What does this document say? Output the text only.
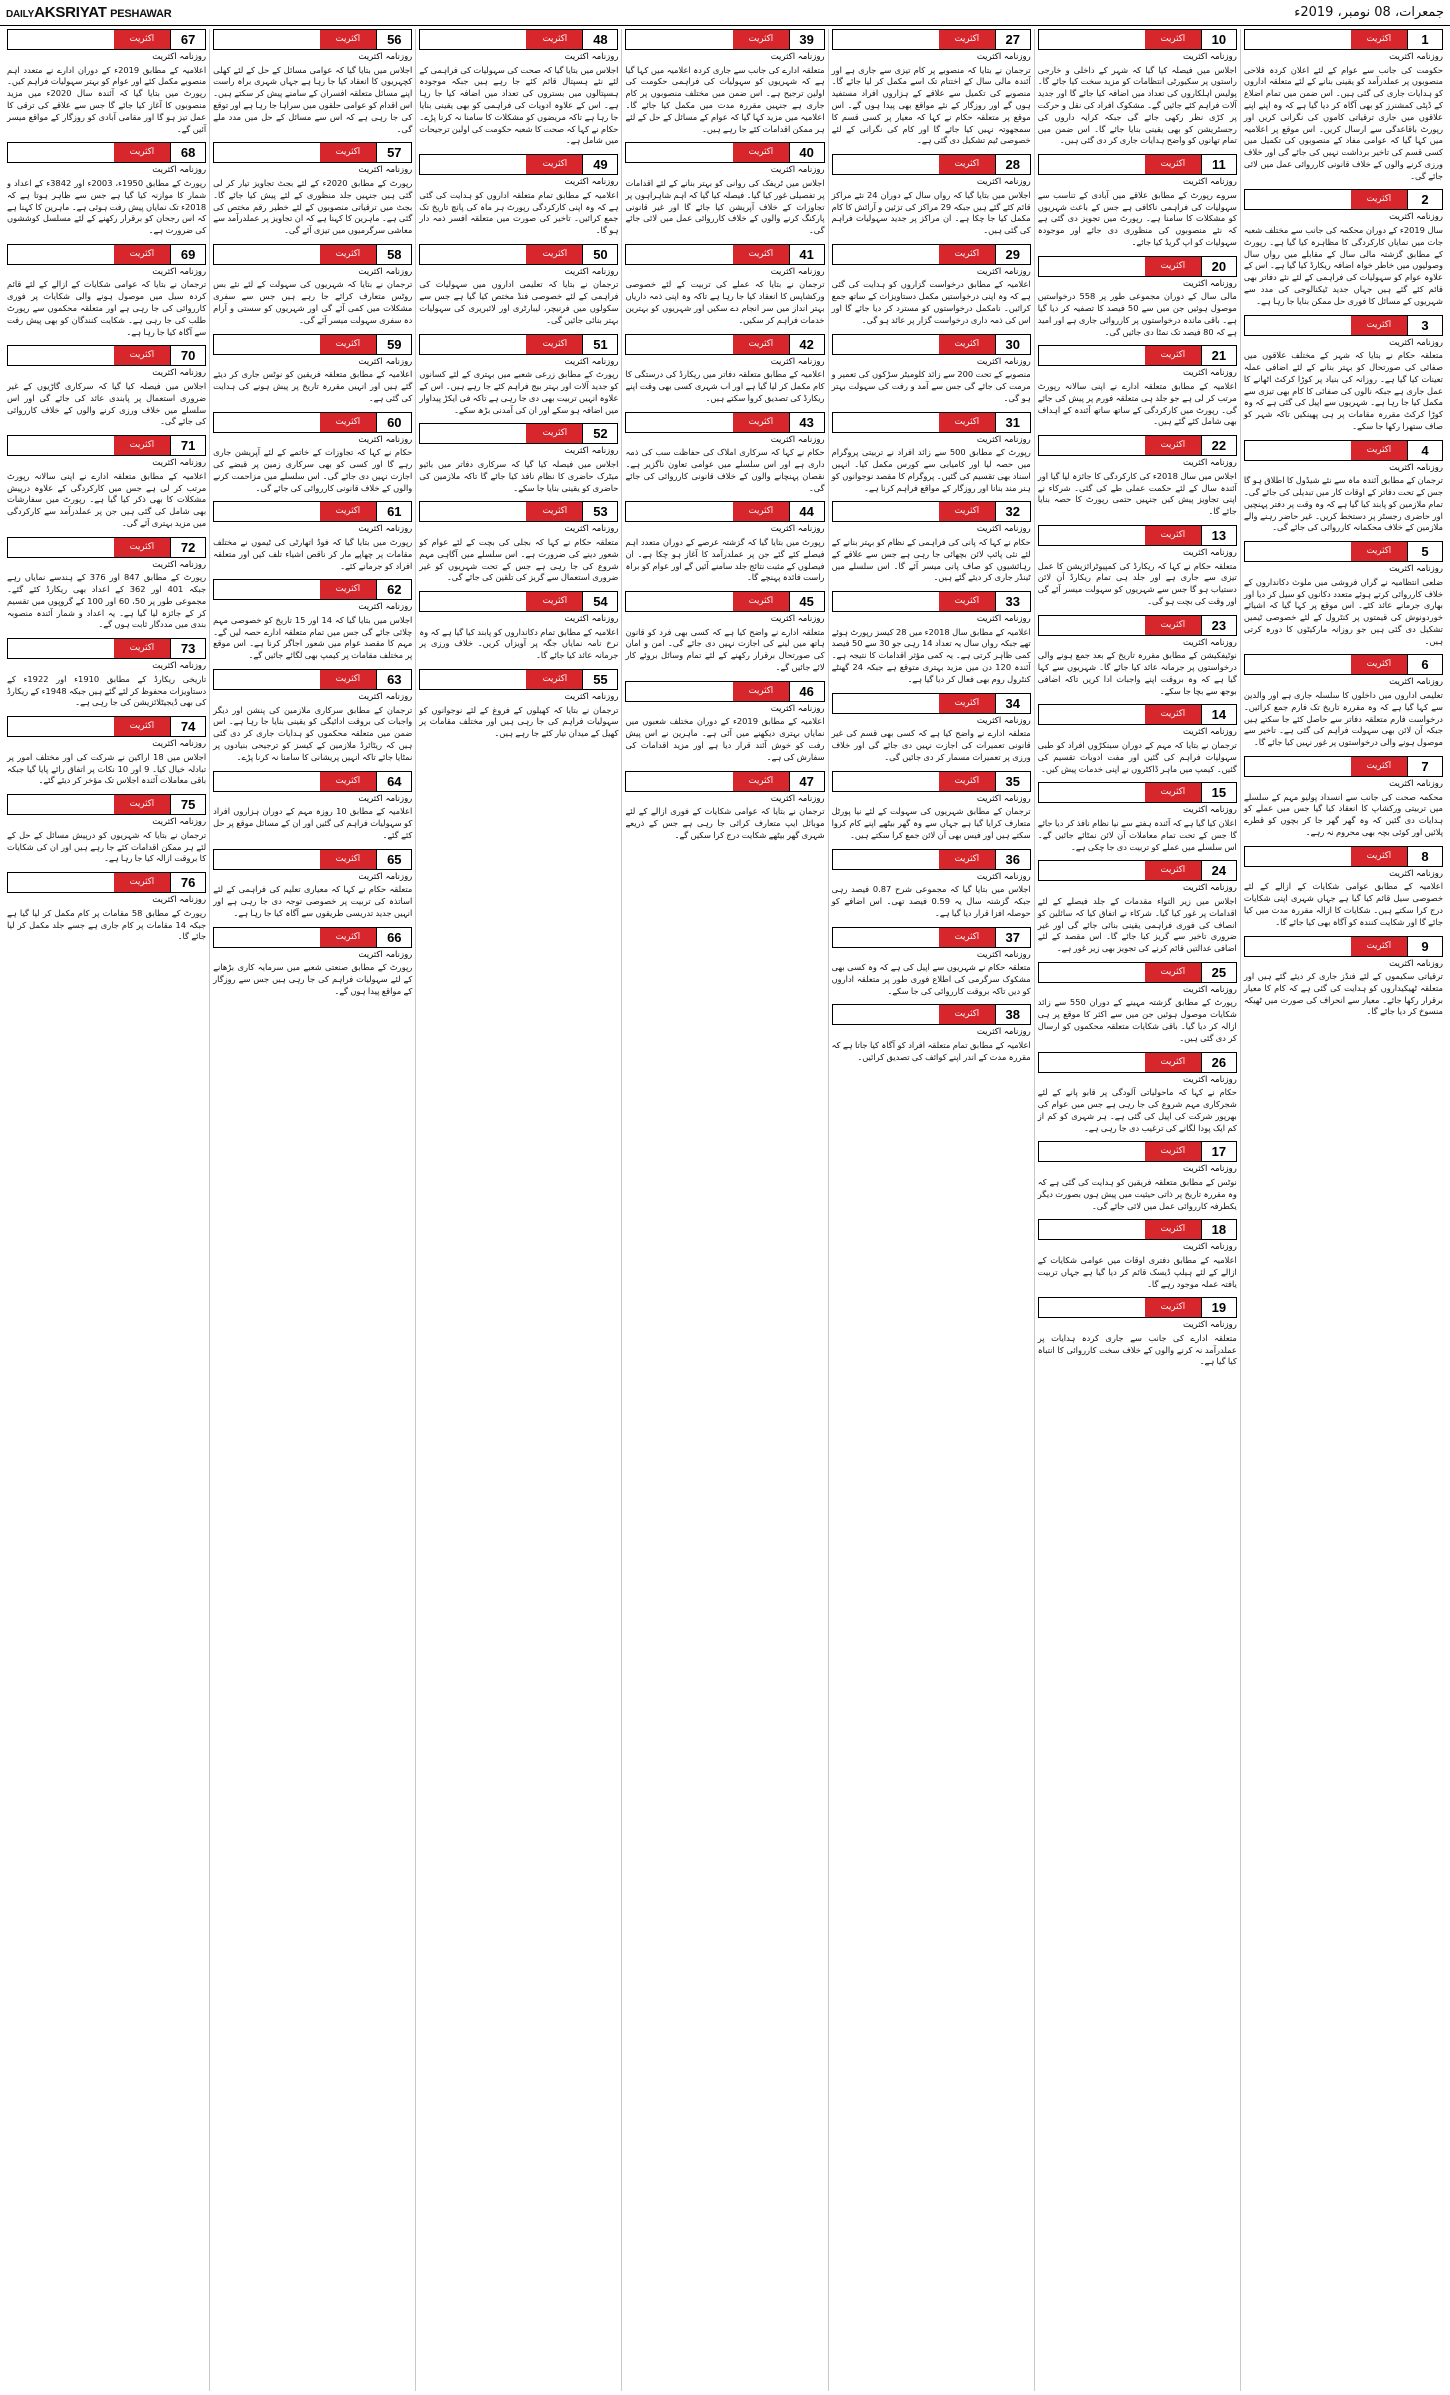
DAILYAKSRIYAT PESHAWAR	جمعرات، 08 نومبر، 2019ء
1
اکثریت
روزنامہ اکثریت
حکومت کی جانب سے عوام کے لئے اعلان کردہ فلاحی منصوبوں پر عملدرآمد کو یقینی بنانے کے لئے متعلقہ اداروں کو ہدایات جاری کی گئی ہیں۔ اس ضمن میں تمام اضلاع کے ڈپٹی کمشنرز کو بھی آگاہ کر دیا گیا ہے کہ وہ اپنے اپنے علاقوں میں جاری ترقیاتی کاموں کی نگرانی کریں اور رپورٹ باقاعدگی سے ارسال کریں۔ اس موقع پر اعلامیہ میں کہا گیا کہ عوامی مفاد کے منصوبوں کی تکمیل میں کسی قسم کی تاخیر برداشت نہیں کی جائے گی اور خلاف ورزی کرنے والوں کے خلاف قانونی کارروائی عمل میں لائی جائے گی۔
2
اکثریت
روزنامہ اکثریت
سال 2019ء کے دوران محکمہ کی جانب سے مختلف شعبہ جات میں نمایاں کارکردگی کا مظاہرہ کیا گیا ہے۔ رپورٹ کے مطابق گزشتہ مالی سال کے مقابلے میں رواں سال وصولیوں میں خاطر خواہ اضافہ ریکارڈ کیا گیا ہے۔ اس کے علاوہ عوام کو سہولیات کی فراہمی کے لئے نئے دفاتر بھی قائم کئے گئے ہیں جہاں جدید ٹیکنالوجی کی مدد سے شہریوں کے مسائل کا فوری حل ممکن بنایا جا رہا ہے۔
3
اکثریت
روزنامہ اکثریت
متعلقہ حکام نے بتایا کہ شہر کے مختلف علاقوں میں صفائی کی صورتحال کو بہتر بنانے کے لئے اضافی عملہ تعینات کیا گیا ہے۔ روزانہ کی بنیاد پر کوڑا کرکٹ اٹھانے کا عمل جاری ہے جبکہ نالوں کی صفائی کا کام بھی تیزی سے مکمل کیا جا رہا ہے۔ شہریوں سے اپیل کی گئی ہے کہ وہ کوڑا کرکٹ مقررہ مقامات پر ہی پھینکیں تاکہ شہر کو صاف ستھرا رکھا جا سکے۔
4
اکثریت
روزنامہ اکثریت
ترجمان کے مطابق آئندہ ماہ سے نئے شیڈول کا اطلاق ہو گا جس کے تحت دفاتر کے اوقات کار میں تبدیلی کی جائے گی۔ تمام ملازمین کو پابند کیا گیا ہے کہ وہ وقت پر دفتر پہنچیں اور حاضری رجسٹر پر دستخط کریں۔ غیر حاضر رہنے والے ملازمین کے خلاف محکمانہ کارروائی کی جائے گی۔
5
اکثریت
روزنامہ اکثریت
ضلعی انتظامیہ نے گراں فروشی میں ملوث دکانداروں کے خلاف کارروائی کرتے ہوئے متعدد دکانوں کو سیل کر دیا اور بھاری جرمانے عائد کئے۔ اس موقع پر کہا گیا کہ اشیائے خوردونوش کی قیمتوں پر کنٹرول کے لئے خصوصی ٹیمیں تشکیل دی گئی ہیں جو روزانہ مارکیٹوں کا دورہ کرتی ہیں۔
6
اکثریت
روزنامہ اکثریت
تعلیمی اداروں میں داخلوں کا سلسلہ جاری ہے اور والدین سے کہا گیا ہے کہ وہ مقررہ تاریخ تک فارم جمع کرائیں۔ درخواست فارم متعلقہ دفاتر سے حاصل کئے جا سکتے ہیں جبکہ آن لائن بھی سہولت فراہم کی گئی ہے۔ تاخیر سے موصول ہونے والی درخواستوں پر غور نہیں کیا جائے گا۔
7
اکثریت
روزنامہ اکثریت
محکمہ صحت کی جانب سے انسداد پولیو مہم کے سلسلے میں تربیتی ورکشاپ کا انعقاد کیا گیا جس میں عملے کو ہدایات دی گئیں کہ وہ گھر گھر جا کر بچوں کو قطرے پلائیں اور کوئی بچہ بھی محروم نہ رہے۔
8
اکثریت
روزنامہ اکثریت
اعلامیہ کے مطابق عوامی شکایات کے ازالے کے لئے خصوصی سیل قائم کیا گیا ہے جہاں شہری اپنی شکایات درج کرا سکتے ہیں۔ شکایات کا ازالہ مقررہ مدت میں کیا جائے گا اور شکایت کنندہ کو آگاہ بھی کیا جائے گا۔
9
اکثریت
روزنامہ اکثریت
ترقیاتی سکیموں کے لئے فنڈز جاری کر دیئے گئے ہیں اور متعلقہ ٹھیکیداروں کو ہدایت کی گئی ہے کہ کام کا معیار برقرار رکھا جائے۔ معیار سے انحراف کی صورت میں ٹھیکہ منسوخ کر دیا جائے گا۔
10
اکثریت
روزنامہ اکثریت
اجلاس میں فیصلہ کیا گیا کہ شہر کے داخلی و خارجی راستوں پر سکیورٹی انتظامات کو مزید سخت کیا جائے گا۔ پولیس اہلکاروں کی تعداد میں اضافہ کیا جائے گا اور جدید آلات فراہم کئے جائیں گے۔ مشکوک افراد کی نقل و حرکت پر کڑی نظر رکھی جائے گی جبکہ کرایہ داروں کی رجسٹریشن کو بھی یقینی بنایا جائے گا۔ اس ضمن میں تمام تھانوں کو واضح ہدایات جاری کر دی گئی ہیں۔
11
اکثریت
روزنامہ اکثریت
سروے رپورٹ کے مطابق علاقے میں آبادی کے تناسب سے سہولیات کی فراہمی ناکافی ہے جس کے باعث شہریوں کو مشکلات کا سامنا ہے۔ رپورٹ میں تجویز دی گئی ہے کہ نئے منصوبوں کی منظوری دی جائے اور موجودہ سہولیات کو اپ گریڈ کیا جائے۔
20
اکثریت
روزنامہ اکثریت
مالی سال کے دوران مجموعی طور پر 558 درخواستیں موصول ہوئیں جن میں سے 50 فیصد کا تصفیہ کر دیا گیا ہے۔ باقی ماندہ درخواستوں پر کارروائی جاری ہے اور امید ہے کہ 80 فیصد تک نمٹا دی جائیں گی۔
21
اکثریت
روزنامہ اکثریت
اعلامیہ کے مطابق متعلقہ ادارے نے اپنی سالانہ رپورٹ مرتب کر لی ہے جو جلد ہی متعلقہ فورم پر پیش کی جائے گی۔ رپورٹ میں کارکردگی کے ساتھ ساتھ آئندہ کے اہداف بھی شامل کئے گئے ہیں۔
22
اکثریت
روزنامہ اکثریت
اجلاس میں سال 2018ء کی کارکردگی کا جائزہ لیا گیا اور آئندہ سال کے لئے حکمت عملی طے کی گئی۔ شرکاء نے اپنی تجاویز پیش کیں جنہیں حتمی رپورٹ کا حصہ بنایا جائے گا۔
13
اکثریت
روزنامہ اکثریت
متعلقہ حکام نے کہا کہ ریکارڈ کی کمپیوٹرائزیشن کا عمل تیزی سے جاری ہے اور جلد ہی تمام ریکارڈ آن لائن دستیاب ہو گا جس سے شہریوں کو سہولت میسر آئے گی اور وقت کی بچت ہو گی۔
23
اکثریت
روزنامہ اکثریت
نوٹیفکیشن کے مطابق مقررہ تاریخ کے بعد جمع ہونے والی درخواستوں پر جرمانہ عائد کیا جائے گا۔ شہریوں سے کہا گیا ہے کہ وہ بروقت اپنے واجبات ادا کریں تاکہ اضافی بوجھ سے بچا جا سکے۔
14
اکثریت
روزنامہ اکثریت
ترجمان نے بتایا کہ مہم کے دوران سینکڑوں افراد کو طبی سہولیات فراہم کی گئیں اور مفت ادویات تقسیم کی گئیں۔ کیمپ میں ماہر ڈاکٹروں نے اپنی خدمات پیش کیں۔
15
اکثریت
روزنامہ اکثریت
اعلان کیا گیا ہے کہ آئندہ ہفتے سے نیا نظام نافذ کر دیا جائے گا جس کے تحت تمام معاملات آن لائن نمٹائے جائیں گے۔ اس سلسلے میں عملے کو تربیت دی جا چکی ہے۔
24
اکثریت
روزنامہ اکثریت
اجلاس میں زیر التواء مقدمات کے جلد فیصلے کے لئے اقدامات پر غور کیا گیا۔ شرکاء نے اتفاق کیا کہ سائلین کو انصاف کی فوری فراہمی یقینی بنائی جائے گی اور غیر ضروری تاخیر سے گریز کیا جائے گا۔ اس مقصد کے لئے اضافی عدالتیں قائم کرنے کی تجویز بھی زیر غور ہے۔
25
اکثریت
روزنامہ اکثریت
رپورٹ کے مطابق گزشتہ مہینے کے دوران 550 سے زائد شکایات موصول ہوئیں جن میں سے اکثر کا موقع پر ہی ازالہ کر دیا گیا۔ باقی شکایات متعلقہ محکموں کو ارسال کر دی گئی ہیں۔
26
اکثریت
روزنامہ اکثریت
حکام نے کہا کہ ماحولیاتی آلودگی پر قابو پانے کے لئے شجرکاری مہم شروع کی جا رہی ہے جس میں عوام کی بھرپور شرکت کی اپیل کی گئی ہے۔ ہر شہری کو کم از کم ایک پودا لگانے کی ترغیب دی جا رہی ہے۔
17
اکثریت
روزنامہ اکثریت
نوٹس کے مطابق متعلقہ فریقین کو ہدایت کی گئی ہے کہ وہ مقررہ تاریخ پر ذاتی حیثیت میں پیش ہوں بصورت دیگر یکطرفہ کارروائی عمل میں لائی جائے گی۔
18
اکثریت
روزنامہ اکثریت
اعلامیہ کے مطابق دفتری اوقات میں عوامی شکایات کے ازالے کے لئے ہیلپ ڈیسک قائم کر دیا گیا ہے جہاں تربیت یافتہ عملہ موجود رہے گا۔
19
اکثریت
روزنامہ اکثریت
متعلقہ ادارے کی جانب سے جاری کردہ ہدایات پر عملدرآمد نہ کرنے والوں کے خلاف سخت کارروائی کا انتباہ کیا گیا ہے۔
27
اکثریت
روزنامہ اکثریت
ترجمان نے بتایا کہ منصوبے پر کام تیزی سے جاری ہے اور آئندہ مالی سال کے اختتام تک اسے مکمل کر لیا جائے گا۔ منصوبے کی تکمیل سے علاقے کے ہزاروں افراد مستفید ہوں گے اور روزگار کے نئے مواقع بھی پیدا ہوں گے۔ اس موقع پر متعلقہ حکام نے کہا کہ معیار پر کسی قسم کا سمجھوتہ نہیں کیا جائے گا اور کام کی نگرانی کے لئے خصوصی ٹیم تشکیل دی گئی ہے۔
28
اکثریت
روزنامہ اکثریت
اجلاس میں بتایا گیا کہ رواں سال کے دوران 24 نئے مراکز قائم کئے گئے ہیں جبکہ 29 مراکز کی تزئین و آرائش کا کام مکمل کیا جا چکا ہے۔ ان مراکز پر جدید سہولیات فراہم کی گئی ہیں۔
29
اکثریت
روزنامہ اکثریت
اعلامیہ کے مطابق درخواست گزاروں کو ہدایت کی گئی ہے کہ وہ اپنی درخواستیں مکمل دستاویزات کے ساتھ جمع کرائیں۔ نامکمل درخواستوں کو مسترد کر دیا جائے گا اور اس کی ذمہ داری درخواست گزار پر عائد ہو گی۔
30
اکثریت
روزنامہ اکثریت
منصوبے کے تحت 200 سے زائد کلومیٹر سڑکوں کی تعمیر و مرمت کی جائے گی جس سے آمد و رفت کی سہولت بہتر ہو گی۔
31
اکثریت
روزنامہ اکثریت
رپورٹ کے مطابق 500 سے زائد افراد نے تربیتی پروگرام میں حصہ لیا اور کامیابی سے کورس مکمل کیا۔ انہیں اسناد بھی تقسیم کی گئیں۔ پروگرام کا مقصد نوجوانوں کو ہنر مند بنانا اور روزگار کے مواقع فراہم کرنا ہے۔
32
اکثریت
روزنامہ اکثریت
حکام نے کہا کہ پانی کی فراہمی کے نظام کو بہتر بنانے کے لئے نئی پائپ لائن بچھائی جا رہی ہے جس سے علاقے کے رہائشیوں کو صاف پانی میسر آئے گا۔ اس سلسلے میں ٹینڈر جاری کر دیئے گئے ہیں۔
33
اکثریت
روزنامہ اکثریت
اعلامیہ کے مطابق سال 2018ء میں 28 کیسز رپورٹ ہوئے تھے جبکہ رواں سال یہ تعداد 14 رہی جو 30 سے 50 فیصد کمی ظاہر کرتی ہے۔ یہ کمی مؤثر اقدامات کا نتیجہ ہے۔ آئندہ 120 دن میں مزید بہتری متوقع ہے جبکہ 24 گھنٹے کنٹرول روم بھی فعال کر دیا گیا ہے۔
34
اکثریت
روزنامہ اکثریت
متعلقہ ادارے نے واضح کیا ہے کہ کسی بھی قسم کی غیر قانونی تعمیرات کی اجازت نہیں دی جائے گی اور خلاف ورزی پر تعمیرات مسمار کر دی جائیں گی۔
35
اکثریت
روزنامہ اکثریت
ترجمان کے مطابق شہریوں کی سہولت کے لئے نیا پورٹل متعارف کرایا گیا ہے جہاں سے وہ گھر بیٹھے اپنے کام کروا سکتے ہیں اور فیس بھی آن لائن جمع کرا سکتے ہیں۔
36
اکثریت
روزنامہ اکثریت
اجلاس میں بتایا گیا کہ مجموعی شرح 0.87 فیصد رہی جبکہ گزشتہ سال یہ 0.59 فیصد تھی۔ اس اضافے کو حوصلہ افزا قرار دیا گیا ہے۔
37
اکثریت
روزنامہ اکثریت
متعلقہ حکام نے شہریوں سے اپیل کی ہے کہ وہ کسی بھی مشکوک سرگرمی کی اطلاع فوری طور پر متعلقہ اداروں کو دیں تاکہ بروقت کارروائی کی جا سکے۔
38
اکثریت
روزنامہ اکثریت
اعلامیہ کے مطابق تمام متعلقہ افراد کو آگاہ کیا جاتا ہے کہ مقررہ مدت کے اندر اپنے کوائف کی تصدیق کرائیں۔
39
اکثریت
روزنامہ اکثریت
متعلقہ ادارے کی جانب سے جاری کردہ اعلامیہ میں کہا گیا ہے کہ شہریوں کو سہولیات کی فراہمی حکومت کی اولین ترجیح ہے۔ اس ضمن میں مختلف منصوبوں پر کام جاری ہے جنہیں مقررہ مدت میں مکمل کیا جائے گا۔ اعلامیہ میں مزید کہا گیا کہ عوام کے مسائل کے حل کے لئے ہر ممکن اقدامات کئے جا رہے ہیں۔
40
اکثریت
روزنامہ اکثریت
اجلاس میں ٹریفک کی روانی کو بہتر بنانے کے لئے اقدامات پر تفصیلی غور کیا گیا۔ فیصلہ کیا گیا کہ اہم شاہراہوں پر تجاوزات کے خلاف آپریشن کیا جائے گا اور غیر قانونی پارکنگ کرنے والوں کے خلاف کارروائی عمل میں لائی جائے گی۔
41
اکثریت
روزنامہ اکثریت
ترجمان نے بتایا کہ عملے کی تربیت کے لئے خصوصی ورکشاپس کا انعقاد کیا جا رہا ہے تاکہ وہ اپنی ذمہ داریاں بہتر انداز میں سر انجام دے سکیں اور شہریوں کو بہترین خدمات فراہم کر سکیں۔
42
اکثریت
روزنامہ اکثریت
اعلامیہ کے مطابق متعلقہ دفاتر میں ریکارڈ کی درستگی کا کام مکمل کر لیا گیا ہے اور اب شہری کسی بھی وقت اپنے ریکارڈ کی تصدیق کروا سکتے ہیں۔
43
اکثریت
روزنامہ اکثریت
حکام نے کہا کہ سرکاری املاک کی حفاظت سب کی ذمہ داری ہے اور اس سلسلے میں عوامی تعاون ناگزیر ہے۔ نقصان پہنچانے والوں کے خلاف قانونی کارروائی کی جائے گی۔
44
اکثریت
روزنامہ اکثریت
رپورٹ میں بتایا گیا کہ گزشتہ عرصے کے دوران متعدد اہم فیصلے کئے گئے جن پر عملدرآمد کا آغاز ہو چکا ہے۔ ان فیصلوں کے مثبت نتائج جلد سامنے آئیں گے اور عوام کو براہ راست فائدہ پہنچے گا۔
45
اکثریت
روزنامہ اکثریت
متعلقہ ادارے نے واضح کیا ہے کہ کسی بھی فرد کو قانون ہاتھ میں لینے کی اجازت نہیں دی جائے گی۔ امن و امان کی صورتحال برقرار رکھنے کے لئے تمام وسائل بروئے کار لائے جائیں گے۔
46
اکثریت
روزنامہ اکثریت
اعلامیہ کے مطابق 2019ء کے دوران مختلف شعبوں میں نمایاں بہتری دیکھنے میں آئی ہے۔ ماہرین نے اس پیش رفت کو خوش آئند قرار دیا ہے اور مزید اقدامات کی سفارش کی ہے۔
47
اکثریت
روزنامہ اکثریت
ترجمان نے بتایا کہ عوامی شکایات کے فوری ازالے کے لئے موبائل ایپ متعارف کرائی جا رہی ہے جس کے ذریعے شہری گھر بیٹھے شکایت درج کرا سکیں گے۔
48
اکثریت
روزنامہ اکثریت
اجلاس میں بتایا گیا کہ صحت کی سہولیات کی فراہمی کے لئے نئے ہسپتال قائم کئے جا رہے ہیں جبکہ موجودہ ہسپتالوں میں بستروں کی تعداد میں اضافہ کیا جا رہا ہے۔ اس کے علاوہ ادویات کی فراہمی کو بھی یقینی بنایا جا رہا ہے تاکہ مریضوں کو مشکلات کا سامنا نہ کرنا پڑے۔ حکام نے کہا کہ صحت کا شعبہ حکومت کی اولین ترجیحات میں شامل ہے۔
49
اکثریت
روزنامہ اکثریت
اعلامیہ کے مطابق تمام متعلقہ اداروں کو ہدایت کی گئی ہے کہ وہ اپنی کارکردگی رپورٹ ہر ماہ کی پانچ تاریخ تک جمع کرائیں۔ تاخیر کی صورت میں متعلقہ افسر ذمہ دار ہو گا۔
50
اکثریت
روزنامہ اکثریت
ترجمان نے بتایا کہ تعلیمی اداروں میں سہولیات کی فراہمی کے لئے خصوصی فنڈ مختص کیا گیا ہے جس سے سکولوں میں فرنیچر، لیبارٹری اور لائبریری کی سہولیات بہتر بنائی جائیں گی۔
51
اکثریت
روزنامہ اکثریت
رپورٹ کے مطابق زرعی شعبے میں بہتری کے لئے کسانوں کو جدید آلات اور بہتر بیج فراہم کئے جا رہے ہیں۔ اس کے علاوہ انہیں تربیت بھی دی جا رہی ہے تاکہ فی ایکڑ پیداوار میں اضافہ ہو سکے اور ان کی آمدنی بڑھ سکے۔
52
اکثریت
روزنامہ اکثریت
اجلاس میں فیصلہ کیا گیا کہ سرکاری دفاتر میں بائیو میٹرک حاضری کا نظام نافذ کیا جائے گا تاکہ ملازمین کی حاضری کو یقینی بنایا جا سکے۔
53
اکثریت
روزنامہ اکثریت
متعلقہ حکام نے کہا کہ بجلی کی بچت کے لئے عوام کو شعور دینے کی ضرورت ہے۔ اس سلسلے میں آگاہی مہم شروع کی جا رہی ہے جس کے تحت شہریوں کو غیر ضروری استعمال سے گریز کی تلقین کی جائے گی۔
54
اکثریت
روزنامہ اکثریت
اعلامیہ کے مطابق تمام دکانداروں کو پابند کیا گیا ہے کہ وہ نرخ نامہ نمایاں جگہ پر آویزاں کریں۔ خلاف ورزی پر جرمانہ عائد کیا جائے گا۔
55
اکثریت
روزنامہ اکثریت
ترجمان نے بتایا کہ کھیلوں کے فروغ کے لئے نوجوانوں کو سہولیات فراہم کی جا رہی ہیں اور مختلف مقامات پر کھیل کے میدان تیار کئے جا رہے ہیں۔
56
اکثریت
روزنامہ اکثریت
اجلاس میں بتایا گیا کہ عوامی مسائل کے حل کے لئے کھلی کچہریوں کا انعقاد کیا جا رہا ہے جہاں شہری براہ راست اپنے مسائل متعلقہ افسران کے سامنے پیش کر سکتے ہیں۔ اس اقدام کو عوامی حلقوں میں سراہا جا رہا ہے اور توقع کی جا رہی ہے کہ اس سے مسائل کے حل میں مدد ملے گی۔
57
اکثریت
روزنامہ اکثریت
رپورٹ کے مطابق 2020ء کے لئے بجٹ تجاویز تیار کر لی گئی ہیں جنہیں جلد منظوری کے لئے پیش کیا جائے گا۔ بجٹ میں ترقیاتی منصوبوں کے لئے خطیر رقم مختص کی گئی ہے۔ ماہرین کا کہنا ہے کہ ان تجاویز پر عملدرآمد سے معاشی سرگرمیوں میں تیزی آئے گی۔
58
اکثریت
روزنامہ اکثریت
ترجمان نے بتایا کہ شہریوں کی سہولت کے لئے نئے بس روٹس متعارف کرائے جا رہے ہیں جس سے سفری مشکلات میں کمی آئے گی اور شہریوں کو سستی و آرام دہ سفری سہولت میسر آئے گی۔
59
اکثریت
روزنامہ اکثریت
اعلامیہ کے مطابق متعلقہ فریقین کو نوٹس جاری کر دیئے گئے ہیں اور انہیں مقررہ تاریخ پر پیش ہونے کی ہدایت کی گئی ہے۔
60
اکثریت
روزنامہ اکثریت
حکام نے کہا کہ تجاوزات کے خاتمے کے لئے آپریشن جاری رہے گا اور کسی کو بھی سرکاری زمین پر قبضے کی اجازت نہیں دی جائے گی۔ اس سلسلے میں مزاحمت کرنے والوں کے خلاف قانونی کارروائی کی جائے گی۔
61
اکثریت
روزنامہ اکثریت
رپورٹ میں بتایا گیا کہ فوڈ اتھارٹی کی ٹیموں نے مختلف مقامات پر چھاپے مار کر ناقص اشیاء تلف کیں اور متعلقہ افراد کو جرمانے کئے۔
62
اکثریت
روزنامہ اکثریت
اجلاس میں بتایا گیا کہ 14 اور 15 تاریخ کو خصوصی مہم چلائی جائے گی جس میں تمام متعلقہ ادارے حصہ لیں گے۔ مہم کا مقصد عوام میں شعور اجاگر کرنا ہے۔ اس موقع پر مختلف مقامات پر کیمپ بھی لگائے جائیں گے۔
63
اکثریت
روزنامہ اکثریت
ترجمان کے مطابق سرکاری ملازمین کی پنشن اور دیگر واجبات کی بروقت ادائیگی کو یقینی بنایا جا رہا ہے۔ اس ضمن میں متعلقہ محکموں کو ہدایات جاری کر دی گئی ہیں کہ ریٹائرڈ ملازمین کے کیسز کو ترجیحی بنیادوں پر نمٹایا جائے تاکہ انہیں پریشانی کا سامنا نہ کرنا پڑے۔
64
اکثریت
روزنامہ اکثریت
اعلامیہ کے مطابق 10 روزہ مہم کے دوران ہزاروں افراد کو سہولیات فراہم کی گئیں اور ان کے مسائل موقع پر حل کئے گئے۔
65
اکثریت
روزنامہ اکثریت
متعلقہ حکام نے کہا کہ معیاری تعلیم کی فراہمی کے لئے اساتذہ کی تربیت پر خصوصی توجہ دی جا رہی ہے اور انہیں جدید تدریسی طریقوں سے آگاہ کیا جا رہا ہے۔
66
اکثریت
روزنامہ اکثریت
رپورٹ کے مطابق صنعتی شعبے میں سرمایہ کاری بڑھانے کے لئے سہولیات فراہم کی جا رہی ہیں جس سے روزگار کے مواقع پیدا ہوں گے۔
67
اکثریت
روزنامہ اکثریت
اعلامیہ کے مطابق 2019ء کے دوران ادارے نے متعدد اہم منصوبے مکمل کئے اور عوام کو بہتر سہولیات فراہم کیں۔ رپورٹ میں بتایا گیا کہ آئندہ سال 2020ء میں مزید منصوبوں کا آغاز کیا جائے گا جس سے علاقے کی ترقی کا عمل تیز ہو گا اور مقامی آبادی کو روزگار کے مواقع میسر آئیں گے۔
68
اکثریت
روزنامہ اکثریت
رپورٹ کے مطابق 1950ء، 2003ء اور 3842ء کے اعداد و شمار کا موازنہ کیا گیا ہے جس سے ظاہر ہوتا ہے کہ 2018ء تک نمایاں پیش رفت ہوئی ہے۔ ماہرین کا کہنا ہے کہ اس رجحان کو برقرار رکھنے کے لئے مسلسل کوششوں کی ضرورت ہے۔
69
اکثریت
روزنامہ اکثریت
ترجمان نے بتایا کہ عوامی شکایات کے ازالے کے لئے قائم کردہ سیل میں موصول ہونے والی شکایات پر فوری کارروائی کی جا رہی ہے اور متعلقہ محکموں سے رپورٹ طلب کی جا رہی ہے۔ شکایت کنندگان کو بھی پیش رفت سے آگاہ کیا جا رہا ہے۔
70
اکثریت
روزنامہ اکثریت
اجلاس میں فیصلہ کیا گیا کہ سرکاری گاڑیوں کے غیر ضروری استعمال پر پابندی عائد کی جائے گی اور اس سلسلے میں خلاف ورزی کرنے والوں کے خلاف کارروائی کی جائے گی۔
71
اکثریت
روزنامہ اکثریت
اعلامیہ کے مطابق متعلقہ ادارے نے اپنی سالانہ رپورٹ مرتب کر لی ہے جس میں کارکردگی کے علاوہ درپیش مشکلات کا بھی ذکر کیا گیا ہے۔ رپورٹ میں سفارشات بھی شامل کی گئی ہیں جن پر عملدرآمد سے کارکردگی میں مزید بہتری آئے گی۔
72
اکثریت
روزنامہ اکثریت
رپورٹ کے مطابق 847 اور 376 کے ہندسے نمایاں رہے جبکہ 401 اور 362 کے اعداد بھی ریکارڈ کئے گئے۔ مجموعی طور پر 50، 60 اور 100 کے گروپوں میں تقسیم کر کے جائزہ لیا گیا ہے۔ یہ اعداد و شمار آئندہ منصوبہ بندی میں مددگار ثابت ہوں گے۔
73
اکثریت
روزنامہ اکثریت
تاریخی ریکارڈ کے مطابق 1910ء اور 1922ء کے دستاویزات محفوظ کر لئے گئے ہیں جبکہ 1948ء کے ریکارڈ کی بھی ڈیجیٹلائزیشن کی جا رہی ہے۔
74
اکثریت
روزنامہ اکثریت
اجلاس میں 18 اراکین نے شرکت کی اور مختلف امور پر تبادلہ خیال کیا۔ 9 اور 10 نکات پر اتفاق رائے پایا گیا جبکہ باقی معاملات آئندہ اجلاس تک مؤخر کر دیئے گئے۔
75
اکثریت
روزنامہ اکثریت
ترجمان نے بتایا کہ شہریوں کو درپیش مسائل کے حل کے لئے ہر ممکن اقدامات کئے جا رہے ہیں اور ان کی شکایات کا بروقت ازالہ کیا جا رہا ہے۔
76
اکثریت
روزنامہ اکثریت
رپورٹ کے مطابق 58 مقامات پر کام مکمل کر لیا گیا ہے جبکہ 14 مقامات پر کام جاری ہے جسے جلد مکمل کر لیا جائے گا۔
